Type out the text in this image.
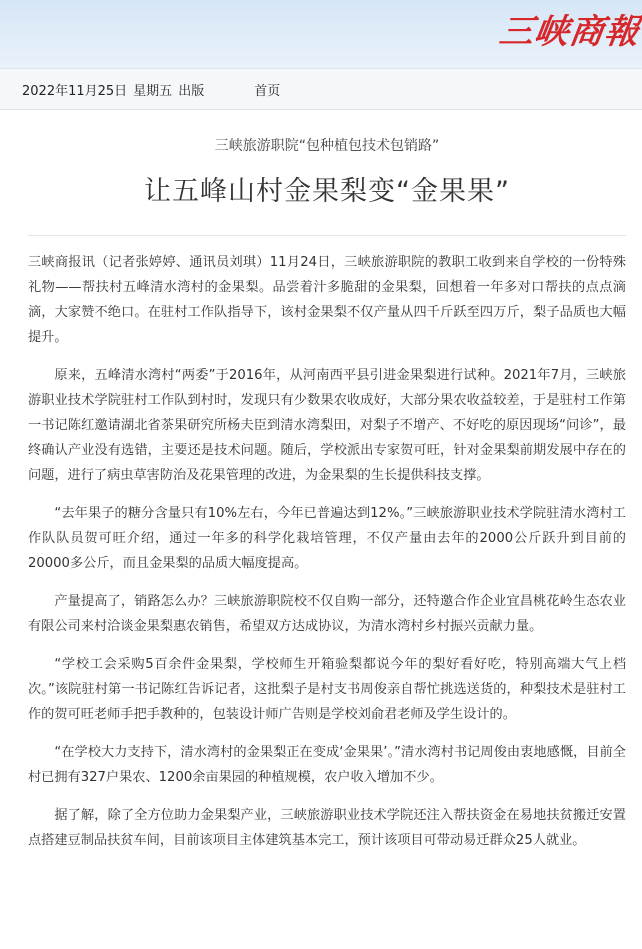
三峡商報
2022年11月25日 星期五 出版	首页
三峡旅游职院“包种植包技术包销路”
让五峰山村金果梨变“金果果”

三峡商报讯（记者张婷婷、通讯员刘琪）11月24日，三峡旅游职院的教职工收到来自学校的一份特殊礼物——帮扶村五峰清水湾村的金果梨。品尝着汁多脆甜的金果梨，回想着一年多对口帮扶的点点滴滴，大家赞不绝口。在驻村工作队指导下，该村金果梨不仅产量从四千斤跃至四万斤，梨子品质也大幅提升。

原来，五峰清水湾村“两委”于2016年，从河南西平县引进金果梨进行试种。2021年7月，三峡旅游职业技术学院驻村工作队到村时，发现只有少数果农收成好，大部分果农收益较差，于是驻村工作第一书记陈红邀请湖北省茶果研究所杨夫臣到清水湾梨田，对梨子不增产、不好吃的原因现场“问诊”，最终确认产业没有选错，主要还是技术问题。随后，学校派出专家贺可旺，针对金果梨前期发展中存在的问题，进行了病虫草害防治及花果管理的改进，为金果梨的生长提供科技支撑。

“去年果子的糖分含量只有10%左右，今年已普遍达到12%。”三峡旅游职业技术学院驻清水湾村工作队队员贺可旺介绍，通过一年多的科学化栽培管理，不仅产量由去年的2000公斤跃升到目前的20000多公斤，而且金果梨的品质大幅度提高。

产量提高了，销路怎么办？三峡旅游职院校不仅自购一部分，还特邀合作企业宜昌桃花岭生态农业有限公司来村洽谈金果梨惠农销售，希望双方达成协议，为清水湾村乡村振兴贡献力量。

“学校工会采购5百余件金果梨，学校师生开箱验梨都说今年的梨好看好吃，特别高端大气上档次。”该院驻村第一书记陈红告诉记者，这批梨子是村支书周俊亲自帮忙挑选送货的，种梨技术是驻村工作的贺可旺老师手把手教种的，包装设计师广告则是学校刘俞君老师及学生设计的。

“在学校大力支持下，清水湾村的金果梨正在变成‘金果果’。”清水湾村书记周俊由衷地感慨，目前全村已拥有327户果农、1200余亩果园的种植规模，农户收入增加不少。

据了解，除了全方位助力金果梨产业，三峡旅游职业技术学院还注入帮扶资金在易地扶贫搬迁安置点搭建豆制品扶贫车间，目前该项目主体建筑基本完工，预计该项目可带动易迁群众25人就业。
